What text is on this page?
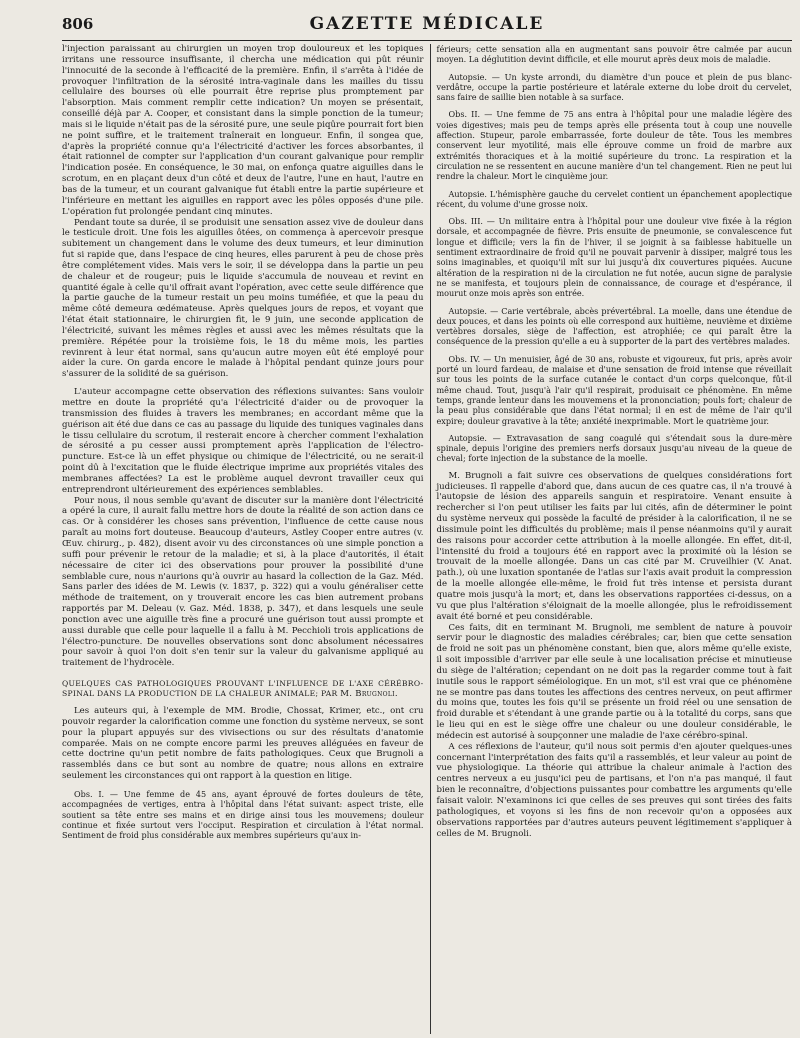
806	GAZETTE MÉDICALE

l'injection paraissant au chirurgien un moyen trop douloureux et les topiques irritans une ressource insuffisante, il chercha une médication qui pût réunir l'innocuité de la seconde à l'efficacité de la première. Enfin, il s'arrêta à l'idée de provoquer l'infiltration de la sérosité intra-vaginale dans les mailles du tissu cellulaire des bourses où elle pourrait être reprise plus promptement par l'absorption. Mais comment remplir cette indication? Un moyen se présentait, conseillé déjà par A. Cooper, et consistant dans la simple ponction de la tumeur; mais si le liquide n'était pas de la sérosité pure, une seule piqûre pourrait fort bien ne point suffire, et le traitement traînerait en longueur. Enfin, il songea que, d'après la propriété connue qu'a l'électricité d'activer les forces absorbantes, il était rationnel de compter sur l'application d'un courant galvanique pour remplir l'indication posée. En conséquence, le 30 mai, on enfonça quatre aiguilles dans le scrotum, en en plaçant deux d'un côté et deux de l'autre, l'une en haut, l'autre en bas de la tumeur, et un courant galvanique fut établi entre la partie supérieure et l'inférieure en mettant les aiguilles en rapport avec les pôles opposés d'une pile. L'opération fut prolongée pendant cinq minutes.

Pendant toute sa durée, il se produisit une sensation assez vive de douleur dans le testicule droit. Une fois les aiguilles ôtées, on commença à apercevoir presque subitement un changement dans le volume des deux tumeurs, et leur diminution fut si rapide que, dans l'espace de cinq heures, elles parurent à peu de chose près être complétement vides. Mais vers le soir, il se développa dans la partie un peu de chaleur et de rougeur; puis le liquide s'accumula de nouveau et revint en quantité égale à celle qu'il offrait avant l'opération, avec cette seule différence que la partie gauche de la tumeur restait un peu moins tuméfiée, et que la peau du même côté demeura œdémateuse. Après quelques jours de repos, et voyant que l'état était stationnaire, le chirurgien fit, le 9 juin, une seconde application de l'électricité, suivant les mêmes règles et aussi avec les mêmes résultats que la première. Répétée pour la troisième fois, le 18 du même mois, les parties revinrent à leur état normal, sans qu'aucun autre moyen eût été employé pour aider la cure. On garda encore le malade à l'hôpital pendant quinze jours pour s'assurer de la solidité de sa guérison.

L'auteur accompagne cette observation des réflexions suivantes: Sans vouloir mettre en doute la propriété qu'a l'électricité d'aider ou de provoquer la transmission des fluides à travers les membranes; en accordant même que la guérison ait été due dans ce cas au passage du liquide des tuniques vaginales dans le tissu cellulaire du scrotum, il resterait encore à chercher comment l'exhalation de sérosité a pu cesser aussi promptement après l'application de l'électro-puncture. Est-ce là un effet physique ou chimique de l'électricité, ou ne serait-il point dû à l'excitation que le fluide électrique imprime aux propriétés vitales des membranes affectées? La est le problème auquel devront travailler ceux qui entreprendront ultérieurement des expériences semblables.

Pour nous, il nous semble qu'avant de discuter sur la manière dont l'électricité a opéré la cure, il aurait fallu mettre hors de doute la réalité de son action dans ce cas. Or à considérer les choses sans prévention, l'influence de cette cause nous paraît au moins fort douteuse. Beaucoup d'auteurs, Astley Cooper entre autres (v. Œuv. chirurg., p. 482), disent avoir vu des circonstances où une simple ponction a suffi pour prévenir le retour de la maladie; et si, à la place d'autorités, il était nécessaire de citer ici des observations pour prouver la possibilité d'une semblable cure, nous n'aurions qu'à ouvrir au hasard la collection de la Gaz. Méd. Sans parler des idées de M. Lewis (v. 1837, p. 322) qui a voulu généraliser cette méthode de traitement, on y trouverait encore les cas bien autrement probans rapportés par M. Deleau (v. Gaz. Méd. 1838, p. 347), et dans lesquels une seule ponction avec une aiguille très fine a procuré une guérison tout aussi prompte et aussi durable que celle pour laquelle il a fallu à M. Pecchioli trois applications de l'électro-puncture. De nouvelles observations sont donc absolument nécessaires pour savoir à quoi l'on doit s'en tenir sur la valeur du galvanisme appliqué au traitement de l'hydrocèle.

QUELQUES CAS PATHOLOGIQUES PROUVANT L'INFLUENCE DE L'AXE CÉRÉBRO-SPINAL DANS LA PRODUCTION DE LA CHALEUR ANIMALE; PAR M. Brugnoli.

Les auteurs qui, à l'exemple de MM. Brodie, Chossat, Krimer, etc., ont cru pouvoir regarder la calorification comme une fonction du système nerveux, se sont pour la plupart appuyés sur des vivisections ou sur des résultats d'anatomie comparée. Mais on ne compte encore parmi les preuves alléguées en faveur de cette doctrine qu'un petit nombre de faits pathologiques. Ceux que Brugnoli a rassemblés dans ce but sont au nombre de quatre; nous allons en extraire seulement les circonstances qui ont rapport à la question en litige.

Obs. I. — Une femme de 45 ans, ayant éprouvé de fortes douleurs de tête, accompagnées de vertiges, entra à l'hôpital dans l'état suivant: aspect triste, elle soutient sa tête entre ses mains et en dirige ainsi tous les mouvemens; douleur continue et fixée surtout vers l'occiput. Respiration et circulation à l'état normal. Sentiment de froid plus considérable aux membres supérieurs qu'aux in-

férieurs; cette sensation alla en augmentant sans pouvoir être calmée par aucun moyen. La déglutition devint difficile, et elle mourut après deux mois de maladie.

Autopsie. — Un kyste arrondi, du diamètre d'un pouce et plein de pus blanc-verdâtre, occupe la partie postérieure et latérale externe du lobe droit du cervelet, sans faire de saillie bien notable à sa surface.

Obs. II. — Une femme de 75 ans entra à l'hôpital pour une maladie légère des voies digestives; mais peu de temps après elle présenta tout à coup une nouvelle affection. Stupeur, parole embarrassée, forte douleur de tête. Tous les membres conservent leur myotilité, mais elle éprouve comme un froid de marbre aux extrémités thoraciques et à la moitié supérieure du tronc. La respiration et la circulation ne se ressentent en aucune manière d'un tel changement. Rien ne peut lui rendre la chaleur. Mort le cinquième jour.

Autopsie. L'hémisphère gauche du cervelet contient un épanchement apoplectique récent, du volume d'une grosse noix.

Obs. III. — Un militaire entra à l'hôpital pour une douleur vive fixée à la région dorsale, et accompagnée de fièvre. Pris ensuite de pneumonie, se convalescence fut longue et difficile; vers la fin de l'hiver, il se joignit à sa faiblesse habituelle un sentiment extraordinaire de froid qu'il ne pouvait parvenir à dissiper, malgré tous les soins imaginables, et quoiqu'il mît sur lui jusqu'à dix couvertures piquées. Aucune altération de la respiration ni de la circulation ne fut notée, aucun signe de paralysie ne se manifesta, et toujours plein de connaissance, de courage et d'espérance, il mourut onze mois après son entrée.

Autopsie. — Carie vertébrale, abcès prévertébral. La moelle, dans une étendue de deux pouces, et dans les points où elle correspond aux huitième, neuvième et dixième vertèbres dorsales, siège de l'affection, est atrophiée; ce qui paraît être la conséquence de la pression qu'elle a eu à supporter de la part des vertèbres malades.

Obs. IV. — Un menuisier, âgé de 30 ans, robuste et vigoureux, fut pris, après avoir porté un lourd fardeau, de malaise et d'une sensation de froid intense que réveillait sur tous les points de la surface cutanée le contact d'un corps quelconque, fût-il même chaud. Tout, jusqu'à l'air qu'il respirait, produisait ce phénomène. En même temps, grande lenteur dans les mouvemens et la prononciation; pouls fort; chaleur de la peau plus considérable que dans l'état normal; il en est de même de l'air qu'il expire; douleur gravative à la tête; anxiété inexprimable. Mort le quatrième jour.

Autopsie. — Extravasation de sang coagulé qui s'étendait sous la dure-mère spinale, depuis l'origine des premiers nerfs dorsaux jusqu'au niveau de la queue de cheval; forte injection de la substance de la moelle.

M. Brugnoli a fait suivre ces observations de quelques considérations fort judicieuses. Il rappelle d'abord que, dans aucun de ces quatre cas, il n'a trouvé à l'autopsie de lésion des appareils sanguin et respiratoire. Venant ensuite à rechercher si l'on peut utiliser les faits par lui cités, afin de déterminer le point du système nerveux qui possède la faculté de présider à la calorification, il ne se dissimule point les difficultés du problème; mais il pense néanmoins qu'il y aurait des raisons pour accorder cette attribution à la moelle allongée. En effet, dit-il, l'intensité du froid a toujours été en rapport avec la proximité où la lésion se trouvait de la moelle allongée. Dans un cas cité par M. Cruveilhier (V. Anat. path.), où une luxation spontanée de l'atlas sur l'axis avait produit la compression de la moelle allongée elle-même, le froid fut très intense et persista durant quatre mois jusqu'à la mort; et, dans les observations rapportées ci-dessus, on a vu que plus l'altération s'éloignait de la moelle allongée, plus le refroidissement avait été borné et peu considérable.

Ces faits, dit en terminant M. Brugnoli, me semblent de nature à pouvoir servir pour le diagnostic des maladies cérébrales; car, bien que cette sensation de froid ne soit pas un phénomène constant, bien que, alors même qu'elle existe, il soit impossible d'arriver par elle seule à une localisation précise et minutieuse du siège de l'altération; cependant on ne doit pas la regarder comme tout à fait inutile sous le rapport séméiologique. En un mot, s'il est vrai que ce phénomène ne se montre pas dans toutes les affections des centres nerveux, on peut affirmer du moins que, toutes les fois qu'il se présente un froid réel ou une sensation de froid durable et s'étendant à une grande partie ou à la totalité du corps, sans que le lieu qui en est le siège offre une chaleur ou une douleur considérable, le médecin est autorisé à soupçonner une maladie de l'axe cérébro-spinal.

A ces réflexions de l'auteur, qu'il nous soit permis d'en ajouter quelques-unes concernant l'interprétation des faits qu'il a rassemblés, et leur valeur au point de vue physiologique. La théorie qui attribue la chaleur animale à l'action des centres nerveux a eu jusqu'ici peu de partisans, et l'on n'a pas manqué, il faut bien le reconnaître, d'objections puissantes pour combattre les arguments qu'elle faisait valoir. N'examinons ici que celles de ses preuves qui sont tirées des faits pathologiques, et voyons si les fins de non recevoir qu'on a opposées aux observations rapportées par d'autres auteurs peuvent légitimement s'appliquer à celles de M. Brugnoli.
